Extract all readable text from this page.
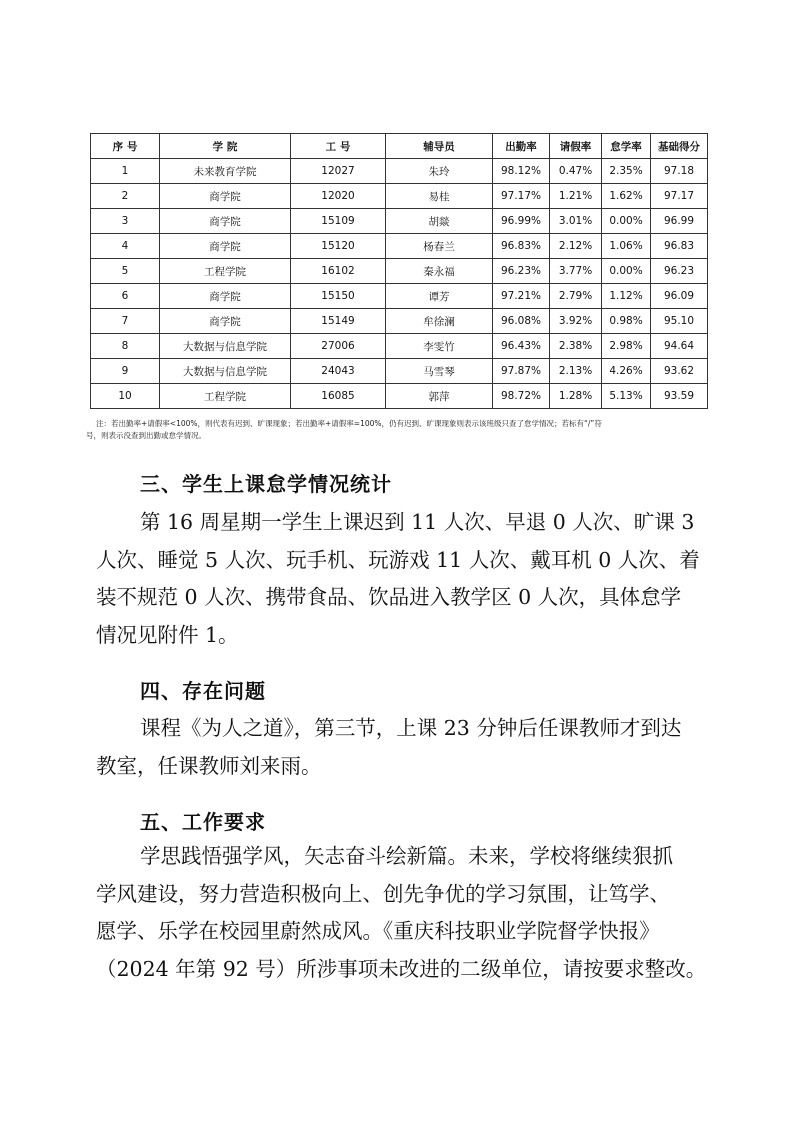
序 号	学 院	工 号	辅导员	出勤率	请假率	怠学率	基础得分
1	未来教育学院	12027	朱玲	98.12%	0.47%	2.35%	97.18
2	商学院	12020	易桂	97.17%	1.21%	1.62%	97.17
3	商学院	15109	胡燚	96.99%	3.01%	0.00%	96.99
4	商学院	15120	杨春兰	96.83%	2.12%	1.06%	96.83
5	工程学院	16102	秦永福	96.23%	3.77%	0.00%	96.23
6	商学院	15150	谭芳	97.21%	2.79%	1.12%	96.09
7	商学院	15149	牟徐澜	96.08%	3.92%	0.98%	95.10
8	大数据与信息学院	27006	李雯竹	96.43%	2.38%	2.98%	94.64
9	大数据与信息学院	24043	马雪琴	97.87%	2.13%	4.26%	93.62
10	工程学院	16085	郭萍	98.72%	1.28%	5.13%	93.59
注：若出勤率+请假率<100%，则代表有迟到、旷课现象；若出勤率+请假率=100%，仍有迟到、旷课现象则表示该班级只查了怠学情况；若标有“/”符
号，则表示没查到出勤或怠学情况。
三、学生上课怠学情况统计
第 16 周星期一学生上课迟到 11 人次、早退 0 人次、旷课 3
人次、睡觉 5 人次、玩手机、玩游戏 11 人次、戴耳机 0 人次、着
装不规范 0 人次、携带食品、饮品进入教学区 0 人次，具体怠学
情况见附件 1。
四、存在问题
课程《为人之道》，第三节，上课 23 分钟后任课教师才到达
教室，任课教师刘来雨。
五、工作要求
学思践悟强学风，矢志奋斗绘新篇。未来，学校将继续狠抓
学风建设，努力营造积极向上、创先争优的学习氛围，让笃学、
愿学、乐学在校园里蔚然成风。《重庆科技职业学院督学快报》
（2024 年第 92 号）所涉事项未改进的二级单位，请按要求整改。
